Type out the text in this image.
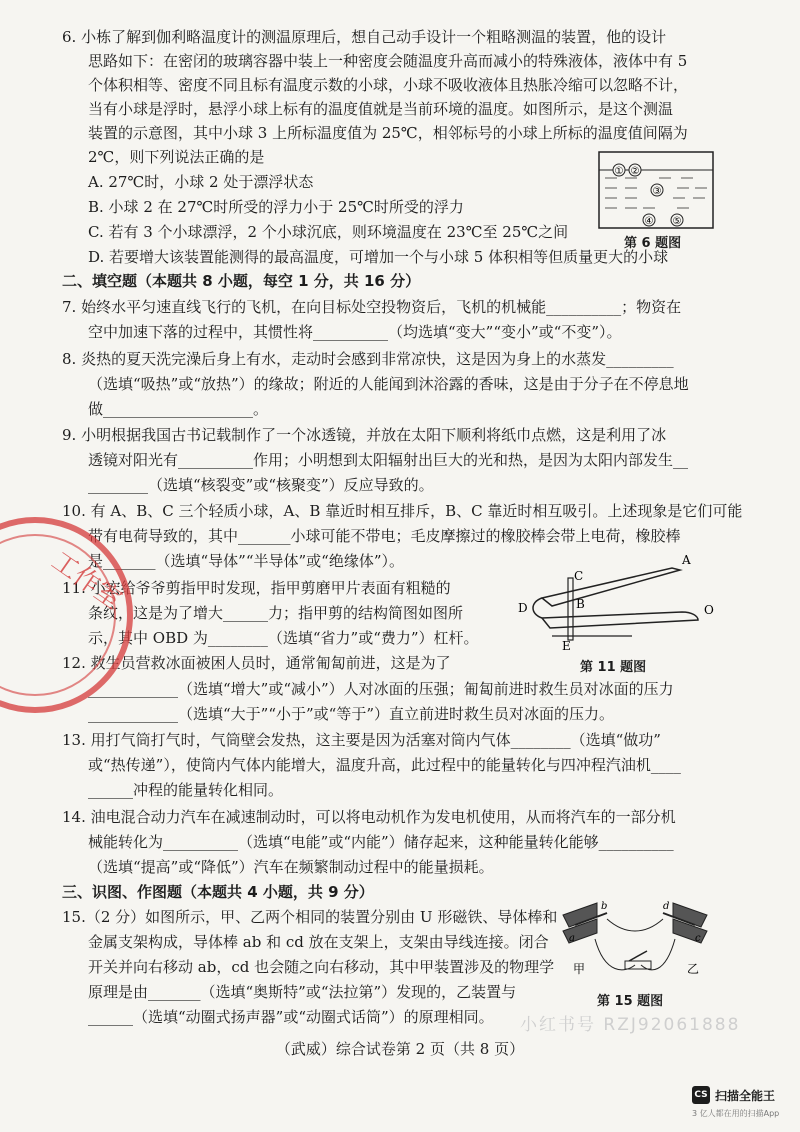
6. 小栋了解到伽利略温度计的测温原理后，想自己动手设计一个粗略测温的装置，他的设计
思路如下：在密闭的玻璃容器中装上一种密度会随温度升高而减小的特殊液体，液体中有 5
个体积相等、密度不同且标有温度示数的小球，小球不吸收液体且热胀冷缩可以忽略不计，
当有小球是浮时，悬浮小球上标有的温度值就是当前环境的温度。如图所示，是这个测温
装置的示意图，其中小球 3 上所标温度值为 25℃，相邻标号的小球上所标的温度值间隔为
2℃，则下列说法正确的是
A. 27℃时，小球 2 处于漂浮状态
B. 小球 2 在 27℃时所受的浮力小于 25℃时所受的浮力
C. 若有 3 个小球漂浮，2 个小球沉底，则环境温度在 23℃至 25℃之间
D. 若要增大该装置能测得的最高温度，可增加一个与小球 5 体积相等但质量更大的小球
① ②
③
④ ⑤
第 6 题图
二、填空题（本题共 8 小题，每空 1 分，共 16 分）
7. 始终水平匀速直线飞行的飞机，在向目标处空投物资后，飞机的机械能__________；物资在
空中加速下落的过程中，其惯性将__________（均选填“变大”“变小”或“不变”）。
8. 炎热的夏天洗完澡后身上有水，走动时会感到非常凉快，这是因为身上的水蒸发_________
（选填“吸热”或“放热”）的缘故；附近的人能闻到沐浴露的香味，这是由于分子在不停息地
做____________________。
9. 小明根据我国古书记载制作了一个冰透镜，并放在太阳下顺利将纸巾点燃，这是利用了冰
透镜对阳光有__________作用；小明想到太阳辐射出巨大的光和热，是因为太阳内部发生__
________（选填“核裂变”或“核聚变”）反应导致的。
10. 有 A、B、C 三个轻质小球，A、B 靠近时相互排斥，B、C 靠近时相互吸引。上述现象是它们可能
带有电荷导致的，其中_______小球可能不带电；毛皮摩擦过的橡胶棒会带上电荷，橡胶棒
是_______（选填“导体”“半导体”或“绝缘体”）。
11. 小宏给爷爷剪指甲时发现，指甲剪磨甲片表面有粗糙的
条纹，这是为了增大______力；指甲剪的结构简图如图所
示，其中 OBD 为________（选填“省力”或“费力”）杠杆。
A
B
C
D
E
O
第 11 题图
12. 救生员营救冰面被困人员时，通常匍匐前进，这是为了
____________（选填“增大”或“减小”）人对冰面的压强；匍匐前进时救生员对冰面的压力
____________（选填“大于”“小于”或“等于”）直立前进时救生员对冰面的压力。
13. 用打气筒打气时，气筒壁会发热，这主要是因为活塞对筒内气体________（选填“做功”
或“热传递”），使筒内气体内能增大，温度升高，此过程中的能量转化与四冲程汽油机____
______冲程的能量转化相同。
14. 油电混合动力汽车在减速制动时，可以将电动机作为发电机使用，从而将汽车的一部分机
械能转化为__________（选填“电能”或“内能”）储存起来，这种能量转化能够__________
（选填“提高”或“降低”）汽车在频繁制动过程中的能量损耗。
三、识图、作图题（本题共 4 小题，共 9 分）
15.（2 分）如图所示，甲、乙两个相同的装置分别由 U 形磁铁、导体棒和
金属支架构成，导体棒 ab 和 cd 放在支架上，支架由导线连接。闭合
开关并向右移动 ab，cd 也会随之向右移动，其中甲装置涉及的物理学
原理是由_______（选填“奥斯特”或“法拉第”）发现的，乙装置与
______（选填“动圈式扬声器”或“动圈式话筒”）的原理相同。
a
b
c
d
甲	乙
第 15 题图
（武威）综合试卷第 2 页（共 8 页）
小红书号 RZJ92061888
工作室
CS 扫描全能王
3 亿人都在用的扫描App
